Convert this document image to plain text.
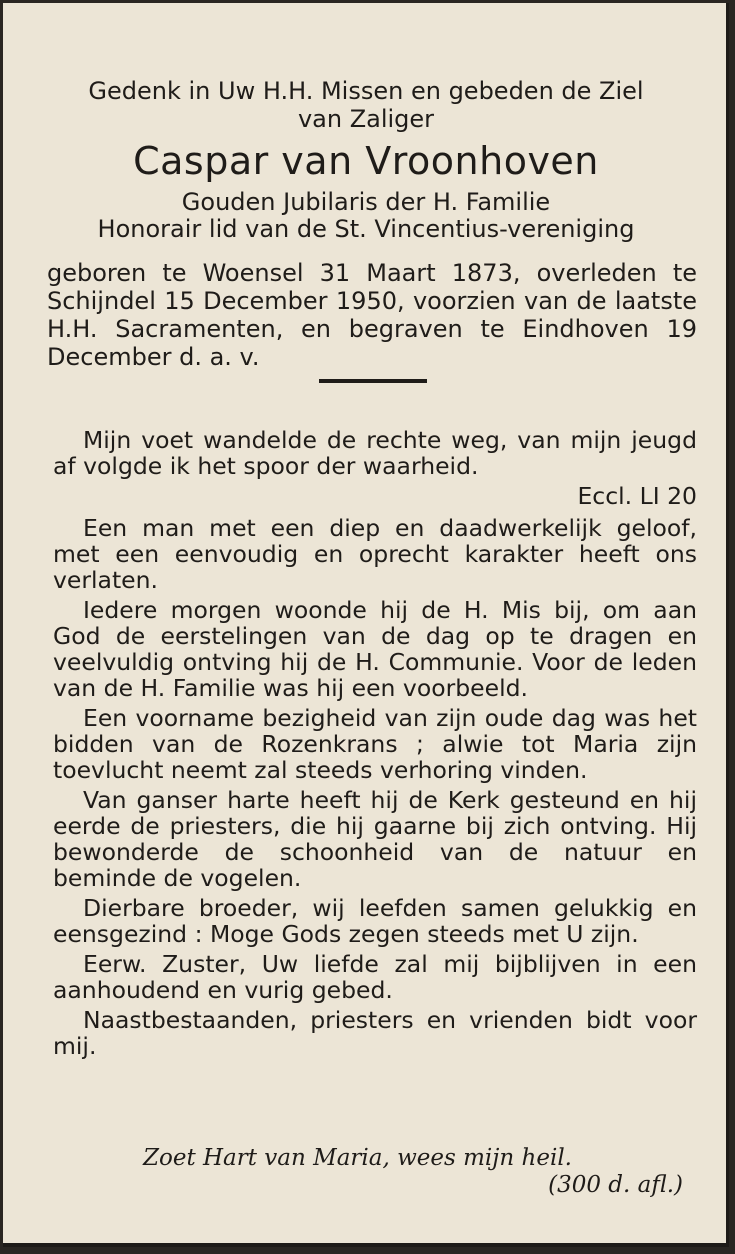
Gedenk in Uw H.H. Missen en gebeden de Ziel
van Zaliger
Caspar van Vroonhoven
Gouden Jubilaris der H. Familie
Honorair lid van de St. Vincentius-vereniging
geboren te Woensel 31 Maart 1873, overleden te Schijndel 15 December 1950, voorzien van de laatste H.H. Sacramenten, en begraven te Eindhoven 19 December d. a. v.

Mijn voet wandelde de rechte weg, van mijn jeugd af volgde ik het spoor der waarheid.

Eccl. LI 20

Een man met een diep en daadwerkelijk geloof, met een eenvoudig en oprecht karakter heeft ons verlaten.

Iedere morgen woonde hij de H. Mis bij, om aan God de eerstelingen van de dag op te dragen en veelvuldig ontving hij de H. Communie. Voor de leden van de H. Familie was hij een voorbeeld.

Een voorname bezigheid van zijn oude dag was het bidden van de Rozenkrans ; alwie tot Maria zijn toevlucht neemt zal steeds verhoring vinden.

Van ganser harte heeft hij de Kerk gesteund en hij eerde de priesters, die hij gaarne bij zich ontving. Hij bewonderde de schoonheid van de natuur en beminde de vogelen.

Dierbare broeder, wij leefden samen gelukkig en eensgezind : Moge Gods zegen steeds met U zijn.

Eerw. Zuster, Uw liefde zal mij bijblijven in een aanhoudend en vurig gebed.

Naastbestaanden, priesters en vrienden bidt voor mij.

Zoet Hart van Maria, wees mijn heil.
(300 d. afl.)
